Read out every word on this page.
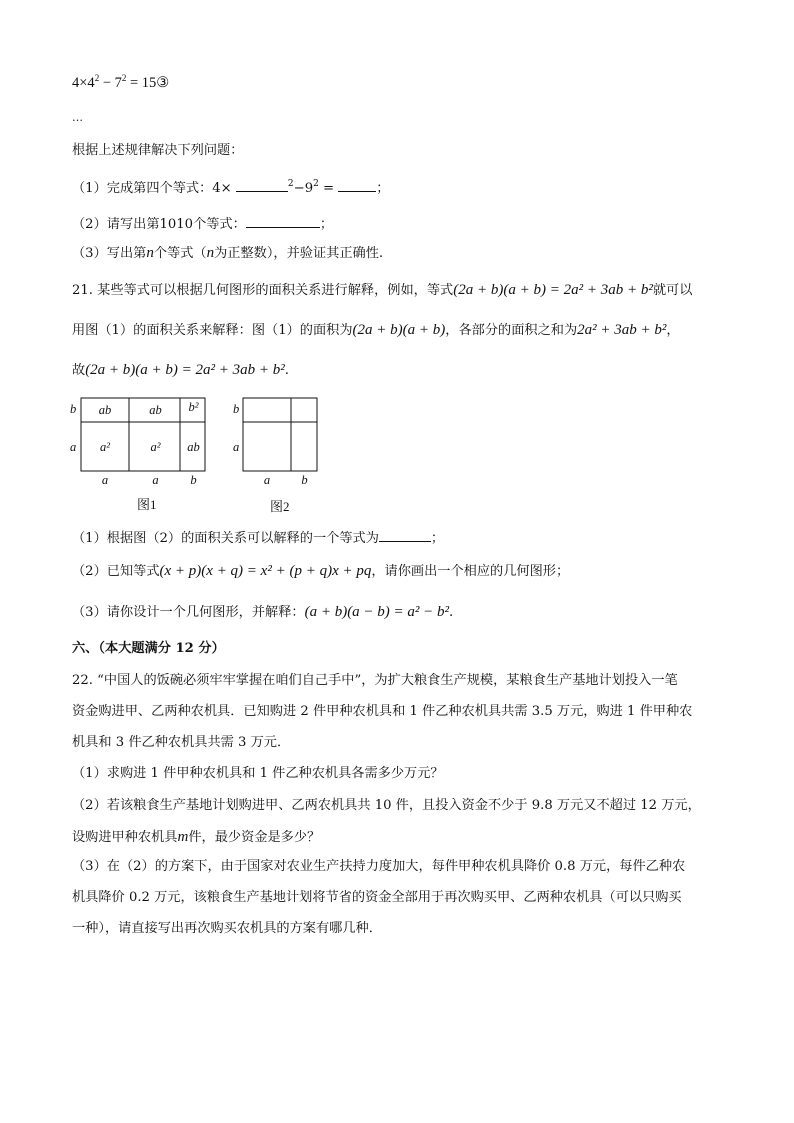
$4\times 4^2 - 7^2$ = 15③
…
根据上述规律解决下列问题：
（1）完成第四个等式：4×	$^2-9^2$ =	；
（2）请写出第1010个等式：	；
（3）写出第n个等式（n为正整数），并验证其正确性.
21. 某些等式可以根据几何图形的面积关系进行解释，例如，等式(2a + b)(a + b) = 2a² + 3ab + b²就可以
用图（1）的面积关系来解释：图（1）的面积为(2a + b)(a + b)，各部分的面积之和为2a² + 3ab + b²，
故(2a + b)(a + b) = 2a² + 3ab + b².
b
a
ab	ab	b²
a²	a²	ab
a	a	b
图1
b
a
a	b
图2
（1）根据图（2）的面积关系可以解释的一个等式为	；
（2）已知等式(x + p)(x + q) = x² + (p + q)x + pq，请你画出一个相应的几何图形；
（3）请你设计一个几何图形，并解释：(a + b)(a − b) = a² − b².
六、（本大题满分 12 分）
22. “中国人的饭碗必须牢牢掌握在咱们自己手中”，为扩大粮食生产规模，某粮食生产基地计划投入一笔
资金购进甲、乙两种农机具．已知购进 2 件甲种农机具和 1 件乙种农机具共需 3.5 万元，购进 1 件甲种农
机具和 3 件乙种农机具共需 3 万元．
（1）求购进 1 件甲种农机具和 1 件乙种农机具各需多少万元？
（2）若该粮食生产基地计划购进甲、乙两农机具共 10 件，且投入资金不少于 9.8 万元又不超过 12 万元，
设购进甲种农机具m件，最少资金是多少？
（3）在（2）的方案下，由于国家对农业生产扶持力度加大，每件甲种农机具降价 0.8 万元，每件乙种农
机具降价 0.2 万元，该粮食生产基地计划将节省的资金全部用于再次购买甲、乙两种农机具（可以只购买
一种），请直接写出再次购买农机具的方案有哪几种．
